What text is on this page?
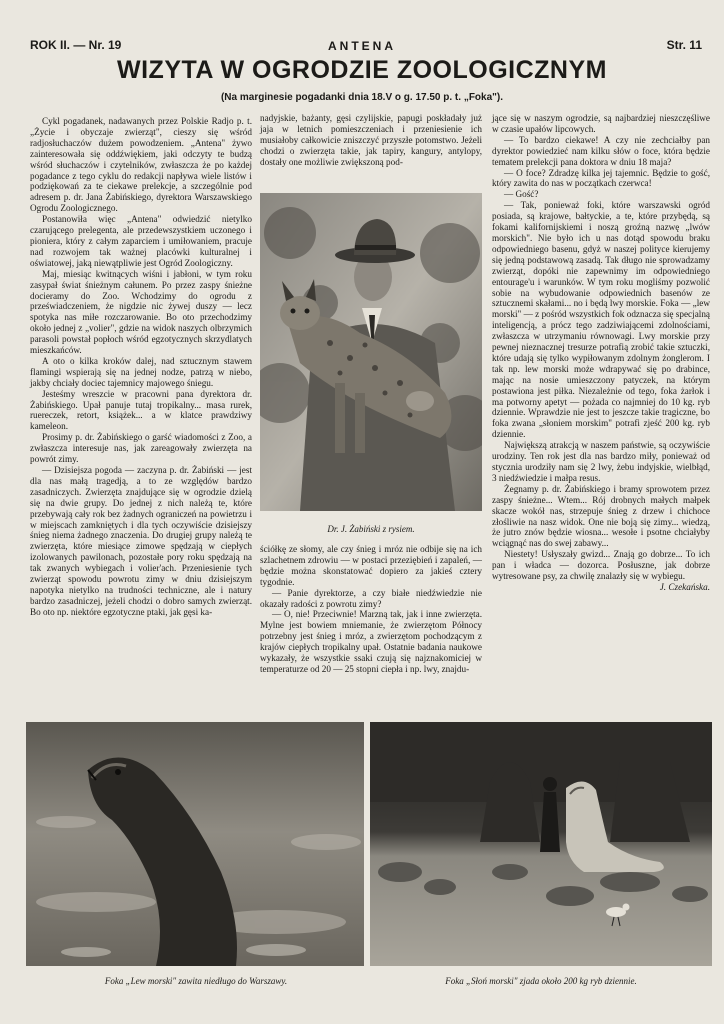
ROK II. — Nr. 19	ANTENA	Str. 11
WIZYTA W OGRODZIE ZOOLOGICZNYM
(Na marginesie pogadanki dnia 18.V o g. 17.50 p. t. „Foka").

Cykl pogadanek, nadawanych przez Polskie Radjo p. t. „Życie i obyczaje zwierząt", cieszy się wśród radjosłuchaczów dużem powodzeniem. „Antena" żywo zainteresowała się oddźwiękiem, jaki odczyty te budzą wśród słuchaczów i czytelników, zwłaszcza że po każdej pogadance z tego cyklu do redakcji napływa wiele listów i podziękowań za te ciekawe prelekcje, a szczególnie pod adresem p. dr. Jana Żabińskiego, dyrektora Warszawskiego Ogrodu Zoologicznego.

Postanowiła więc „Antena" odwiedzić nietylko czarującego prelegenta, ale przedewszystkiem uczonego i pioniera, który z całym zaparciem i umiłowaniem, pracuje nad rozwojem tak ważnej placówki kulturalnej i oświatowej, jaką niewątpliwie jest Ogród Zoologiczny.

Maj, miesiąc kwitnących wiśni i jabłoni, w tym roku zasypał świat śnieżnym całunem. Po przez zaspy śnieżne docieramy do Zoo. Wchodzimy do ogrodu z przeświadczeniem, że nigdzie nic żywej duszy — lecz spotyka nas miłe rozczarowanie. Bo oto przechodzimy około jednej z „volier", gdzie na widok naszych olbrzymich parasoli powstał popłoch wśród egzotycznych skrzydlatych mieszkańców.

A oto o kilka kroków dalej, nad sztucznym stawem flamingi wspierają się na jednej nodze, patrzą w niebo, jakby chciały dociec tajemnicy majowego śniegu.

Jesteśmy wreszcie w pracowni pana dyrektora dr. Żabińskiego. Upał panuje tutaj tropikalny... masa rurek, ruereczek, retort, książek... a w klatce prawdziwy kameleon.

Prosimy p. dr. Żabińskiego o garść wiadomości z Zoo, a zwłaszcza interesuje nas, jak zareagowały zwierzęta na powrót zimy.

— Dzisiejsza pogoda — zaczyna p. dr. Żabiński — jest dla nas małą tragedją, a to ze względów bardzo zasadniczych. Zwierzęta znajdujące się w ogrodzie dzielą się na dwie grupy. Do jednej z nich należą te, które przebywają cały rok bez żadnych ograniczeń na powietrzu i w miejscach zamkniętych i dla tych oczywiście dzisiejszy śnieg niema żadnego znaczenia. Do drugiej grupy należą te zwierzęta, które miesiące zimowe spędzają w ciepłych izolowanych pawilonach, pozostałe pory roku spędzają na tak zwanych wybiegach i volier'ach. Przeniesienie tych zwierząt spowodu powrotu zimy w dniu dzisiejszym napotyka nietylko na trudności techniczne, ale i natury bardzo zasadniczej, jeżeli chodzi o dobro samych zwierząt. Bo oto np. niektóre egzotyczne ptaki, jak gęsi ka-

nadyjskie, bażanty, gęsi czylijskie, papugi poskładały już jaja w letnich pomieszczeniach i przeniesienie ich musiałoby całkowicie zniszczyć przyszłe potomstwo. Jeżeli chodzi o zwierzęta takie, jak tapiry, kangury, antylopy, dostały one możliwie zwiększoną pod-

Dr. J. Żabiński z rysiem.

ściółkę ze słomy, ale czy śnieg i mróz nie odbije się na ich szlachetnem zdrowiu — w postaci przeziębień i zapaleń, — będzie można skonstatować dopiero za jakieś cztery tygodnie.

— Panie dyrektorze, a czy białe niedźwiedzie nie okazały radości z powrotu zimy?

— O, nie! Przeciwnie! Marzną tak, jak i inne zwierzęta. Mylne jest bowiem mniemanie, że zwierzętom Północy potrzebny jest śnieg i mróz, a zwierzętom pochodzącym z krajów ciepłych tropikalny upał. Ostatnie badania naukowe wykazały, że wszystkie ssaki czują się najznakomiciej w temperaturze od 20 — 25 stopni ciepła i np. lwy, znajdu-

jące się w naszym ogrodzie, są najbardziej nieszczęśliwe w czasie upałów lipcowych.

— To bardzo ciekawe! A czy nie zechciałby pan dyrektor powiedzieć nam kilku słów o foce, która będzie tematem prelekcji pana doktora w dniu 18 maja?

— O foce? Zdradzę kilka jej tajemnic. Będzie to gość, który zawita do nas w początkach czerwca!

— Gość?

— Tak, ponieważ foki, które warszawski ogród posiada, są krajowe, bałtyckie, a te, które przybędą, są fokami kalifornijskiemi i noszą groźną nazwę „lwów morskich". Nie było ich u nas dotąd spowodu braku odpowiedniego basenu, gdyż w naszej polityce kierujemy się jedną podstawową zasadą. Tak długo nie sprowadzamy zwierząt, dopóki nie zapewnimy im odpowiedniego entourage'u i warunków. W tym roku mogliśmy pozwolić sobie na wybudowanie odpowiednich basenów ze sztucznemi skałami... no i będą lwy morskie. Foka — „lew morski" — z pośród wszystkich fok odznacza się specjalną inteligencją, a prócz tego zadziwiającemi zdolnościami, zwłaszcza w utrzymaniu równowagi. Lwy morskie przy pewnej nieznacznej tresurze potrafią zrobić takie sztuczki, które udają się tylko wypiłowanym zdolnym żonglerom. I tak np. lew morski może wdrapywać się po drabince, mając na nosie umieszczony patyczek, na którym postawiona jest piłka. Niezależnie od tego, foka żarłok i ma potworny apetyt — pożada co najmniej do 10 kg. ryb dziennie. Wprawdzie nie jest to jeszcze takie tragiczne, bo foka zwana „słoniem morskim" potrafi zjeść 200 kg. ryb dziennie.

Największą atrakcją w naszem państwie, są oczywiście urodziny. Ten rok jest dla nas bardzo miły, ponieważ od stycznia urodziły nam się 2 lwy, żebu indyjskie, wielbłąd, 3 niedźwiedzie i małpa resus.

Żegnamy p. dr. Żabińskiego i bramy sprowotem przez zaspy śnieżne... Wtem... Rój drobnych małych małpek skacze wokół nas, strzepuje śnieg z drzew i chichoce złośliwie na nasz widok. One nie boją się zimy... wiedzą, że jutro znów będzie wiosna... wesołe i psotne chciałyby wciągnąć nas do swej zabawy...

Niestety! Usłyszały gwizd... Znają go dobrze... To ich pan i władca — dozorca. Posłuszne, jak dobrze wytresowane psy, za chwilę znalazły się w wybiegu.

J. Czekańska.
Foka „Lew morski" zawita niedługo do Warszawy.	Foka „Słoń morski" zjada około 200 kg ryb dziennie.
